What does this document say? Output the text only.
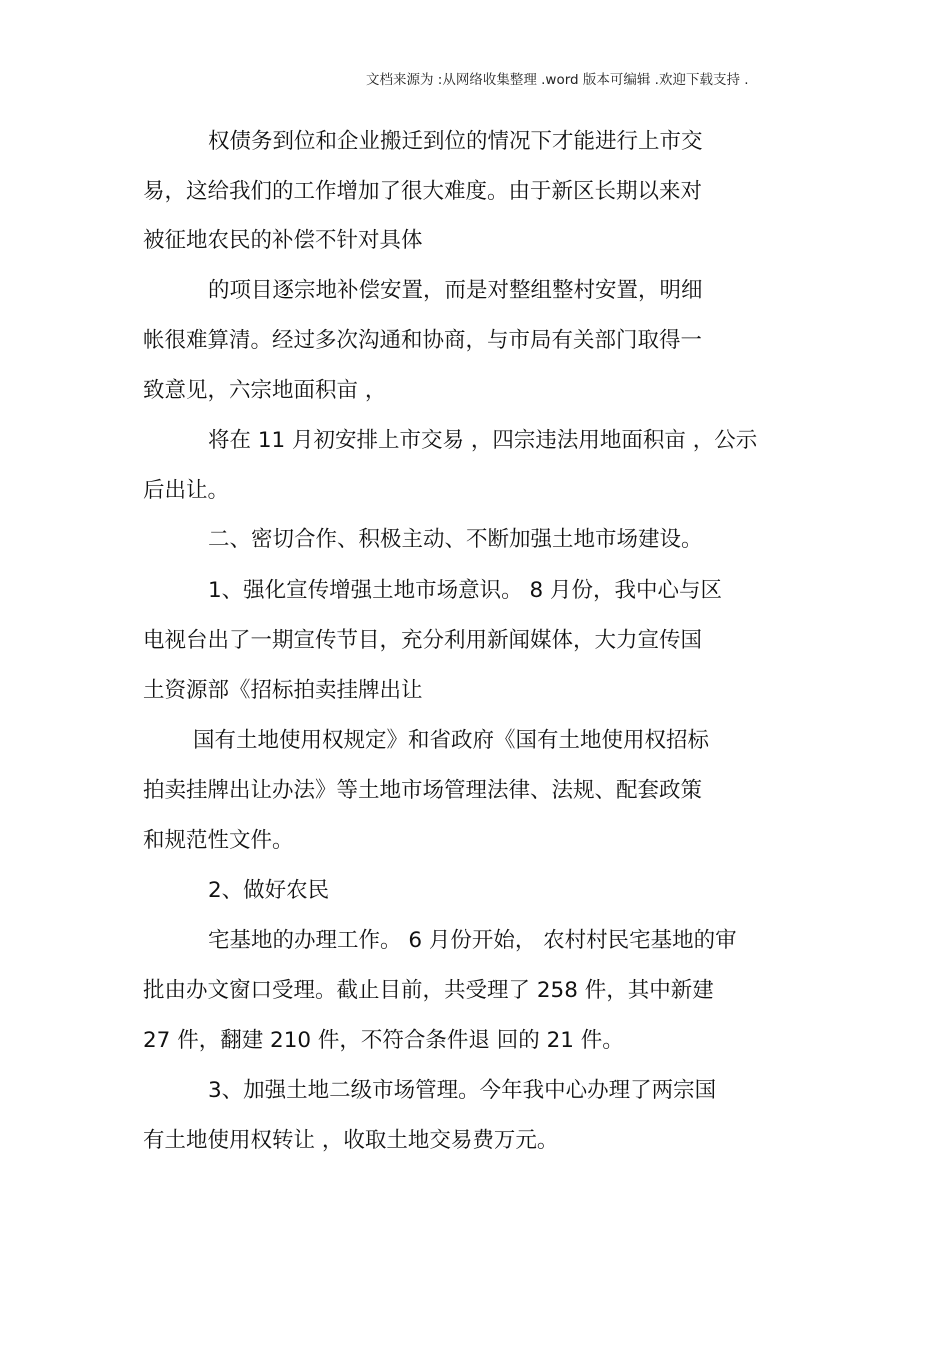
文档来源为 :从网络收集整理 .word 版本可编辑 .欢迎下载支持 .
权债务到位和企业搬迁到位的情况下才能进行上市交
易，这给我们的工作增加了很大难度。由于新区长期以来对
被征地农民的补偿不针对具体
的项目逐宗地补偿安置，而是对整组整村安置，明细
帐很难算清。经过多次沟通和协商，与市局有关部门取得一
致意见，六宗地面积亩 ，
将在 11 月初安排上市交易 ，四宗违法用地面积亩 ，公示
后出让。
二、密切合作、积极主动、不断加强土地市场建设。
1、强化宣传增强土地市场意识。 8 月份，我中心与区
电视台出了一期宣传节目，充分利用新闻媒体，大力宣传国
土资源部《招标拍卖挂牌出让
国有土地使用权规定》和省政府《国有土地使用权招标
拍卖挂牌出让办法》等土地市场管理法律、法规、配套政策
和规范性文件。
2、做好农民
宅基地的办理工作。 6 月份开始， 农村村民宅基地的审
批由办文窗口受理。截止目前，共受理了 258 件，其中新建
27 件，翻建 210 件，不符合条件退 回的 21 件。
3、加强土地二级市场管理。今年我中心办理了两宗国
有土地使用权转让 ，收取土地交易费万元。
